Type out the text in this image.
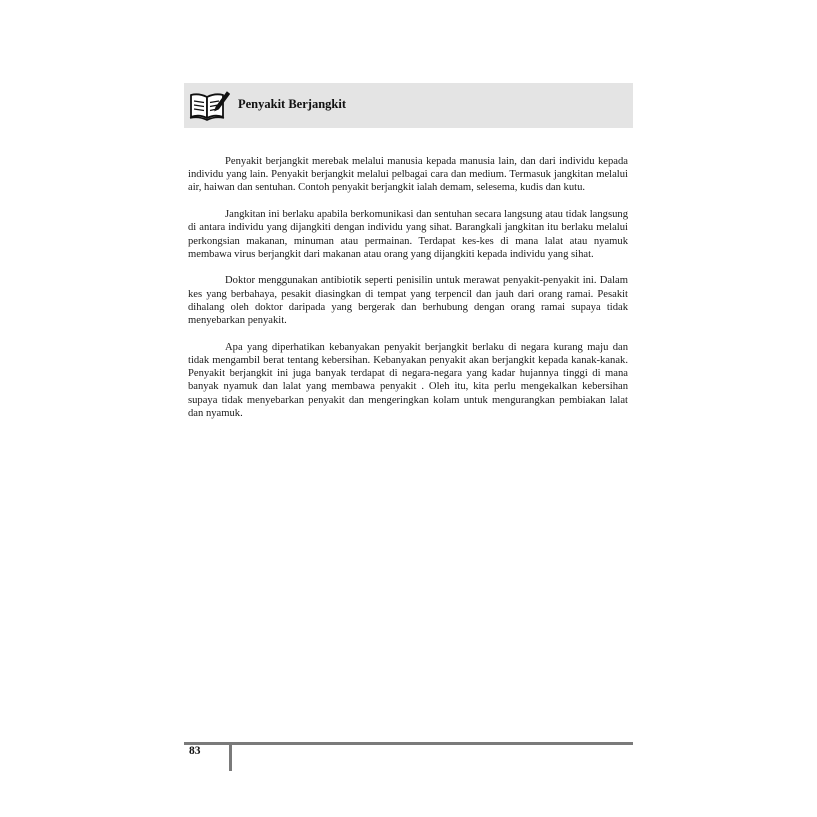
Penyakit Berjangkit

Penyakit berjangkit merebak melalui manusia kepada manusia lain, dan dari individu kepada individu yang lain. Penyakit berjangkit melalui pelbagai cara dan medium. Termasuk jangkitan melalui air, haiwan dan sentuhan. Contoh penyakit berjangkit ialah demam, selesema, kudis dan kutu.

Jangkitan ini berlaku apabila berkomunikasi dan sentuhan secara langsung atau tidak langsung di antara individu yang dijangkiti dengan individu yang sihat. Barangkali jangkitan itu berlaku melalui perkongsian makanan, minuman atau permainan. Terdapat kes-kes di mana lalat atau nyamuk membawa virus berjangkit dari makanan atau orang yang dijangkiti kepada individu yang sihat.

Doktor menggunakan antibiotik seperti penisilin untuk merawat penyakit-penyakit ini. Dalam kes yang berbahaya, pesakit diasingkan di tempat yang terpencil dan jauh dari orang ramai. Pesakit dihalang oleh doktor daripada yang bergerak dan berhubung dengan orang ramai supaya tidak menyebarkan penyakit.

Apa yang diperhatikan kebanyakan penyakit berjangkit berlaku di negara kurang maju dan tidak mengambil berat tentang kebersihan. Kebanyakan penyakit akan berjangkit kepada kanak-kanak. Penyakit berjangkit ini juga banyak terdapat di negara-negara yang kadar hujannya tinggi di mana banyak nyamuk dan lalat yang membawa penyakit . Oleh itu, kita perlu mengekalkan kebersihan supaya tidak menyebarkan penyakit dan mengeringkan kolam untuk mengurangkan pembiakan lalat dan nyamuk.

83
